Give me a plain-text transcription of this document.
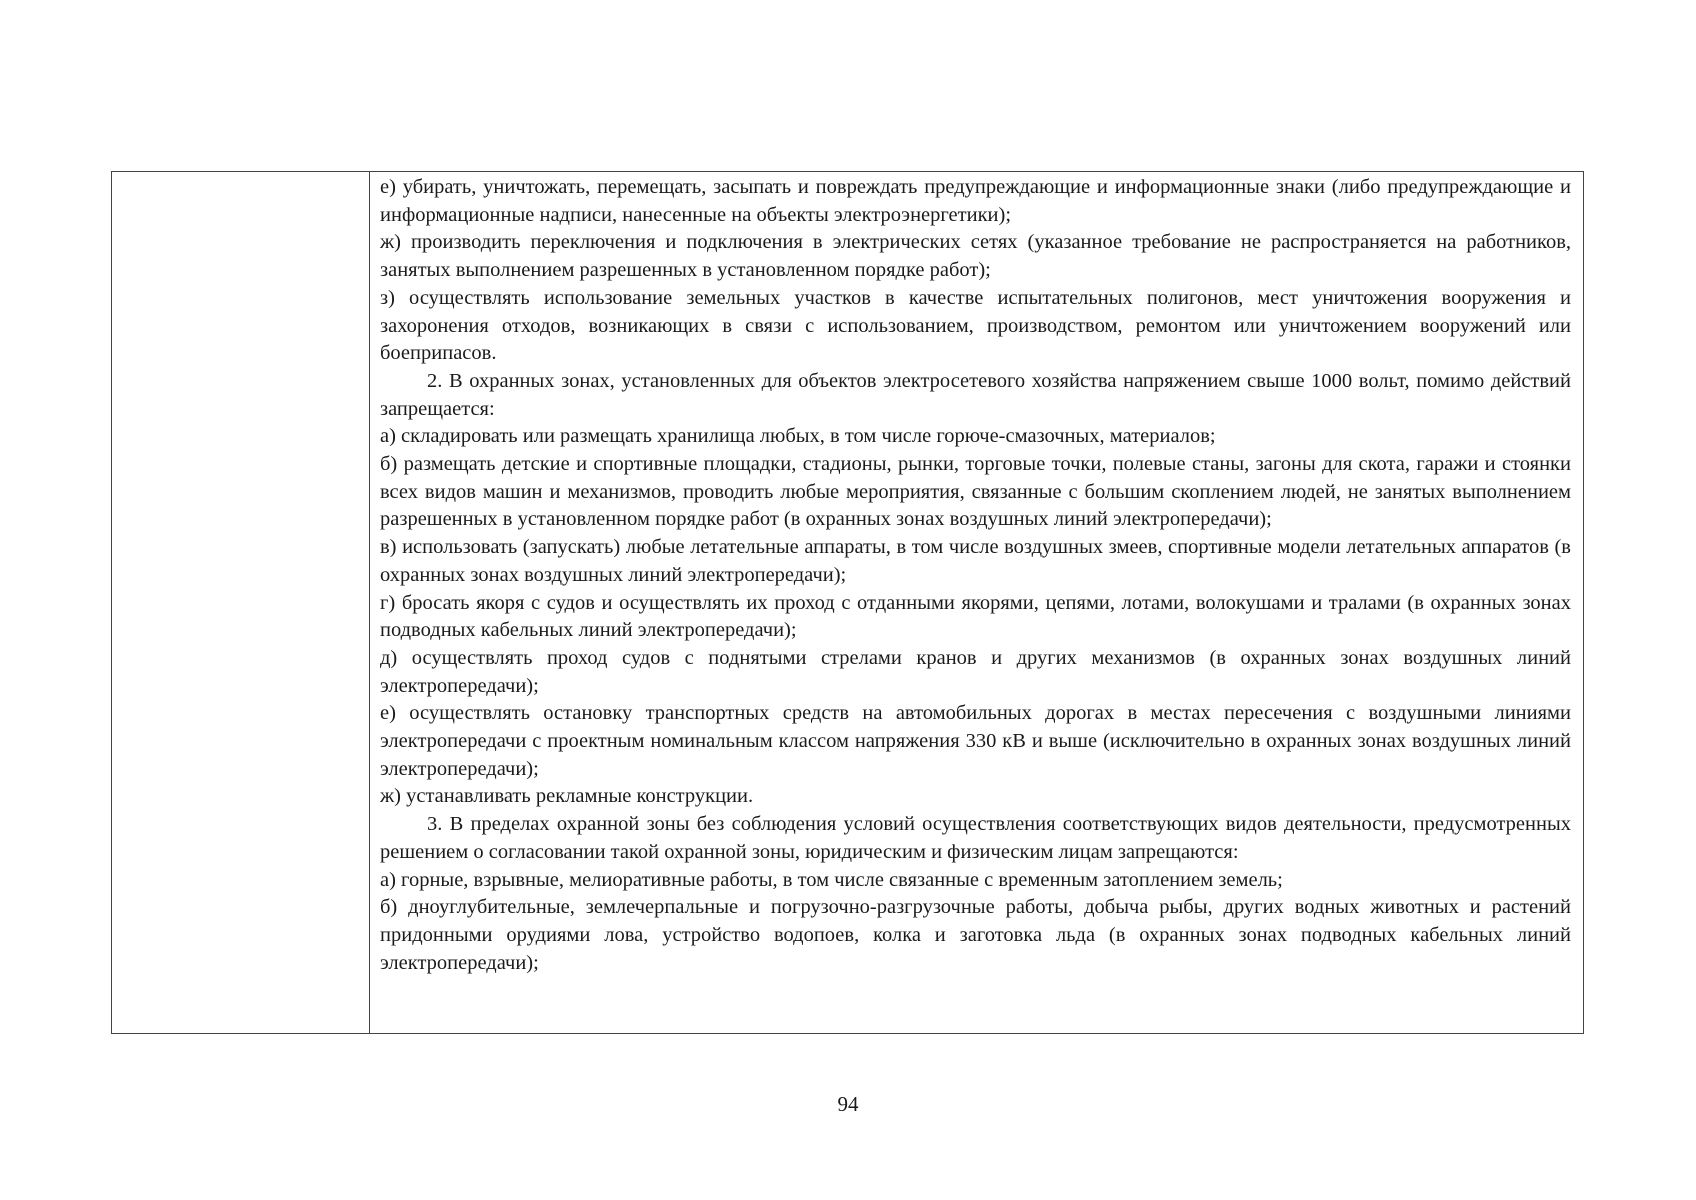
е) убирать, уничтожать, перемещать, засыпать и повреждать предупреждающие и информационные знаки (либо предупреждающие и информационные надписи, нанесенные на объекты электроэнергетики);

ж) производить переключения и подключения в электрических сетях (указанное требование не распространяется на работников, занятых выполнением разрешенных в установленном порядке работ);

з) осуществлять использование земельных участков в качестве испытательных полигонов, мест уничтожения вооружения и захоронения отходов, возникающих в связи с использованием, производством, ремонтом или уничтожением вооружений или боеприпасов.

2. В охранных зонах, установленных для объектов электросетевого хозяйства напряжением свыше 1000 вольт, помимо действий запрещается:

а) складировать или размещать хранилища любых, в том числе горюче-смазочных, материалов;

б) размещать детские и спортивные площадки, стадионы, рынки, торговые точки, полевые станы, загоны для скота, гаражи и стоянки всех видов машин и механизмов, проводить любые мероприятия, связанные с большим скоплением людей, не занятых выполнением разрешенных в установленном порядке работ (в охранных зонах воздушных линий электропередачи);

в) использовать (запускать) любые летательные аппараты, в том числе воздушных змеев, спортивные модели летательных аппаратов (в охранных зонах воздушных линий электропередачи);

г) бросать якоря с судов и осуществлять их проход с отданными якорями, цепями, лотами, волокушами и тралами (в охранных зонах подводных кабельных линий электропередачи);

д) осуществлять проход судов с поднятыми стрелами кранов и других механизмов (в охранных зонах воздушных линий электропередачи);

е) осуществлять остановку транспортных средств на автомобильных дорогах в местах пересечения с воздушными линиями электропередачи с проектным номинальным классом напряжения 330 кВ и выше (исключительно в охранных зонах воздушных линий электропередачи);

ж) устанавливать рекламные конструкции.

3. В пределах охранной зоны без соблюдения условий осуществления соответствующих видов деятельности, предусмотренных решением о согласовании такой охранной зоны, юридическим и физическим лицам запрещаются:

а) горные, взрывные, мелиоративные работы, в том числе связанные с временным затоплением земель;

б) дноуглубительные, землечерпальные и погрузочно-разгрузочные работы, добыча рыбы, других водных животных и растений придонными орудиями лова, устройство водопоев, колка и заготовка льда (в охранных зонах подводных кабельных линий электропередачи);

94
